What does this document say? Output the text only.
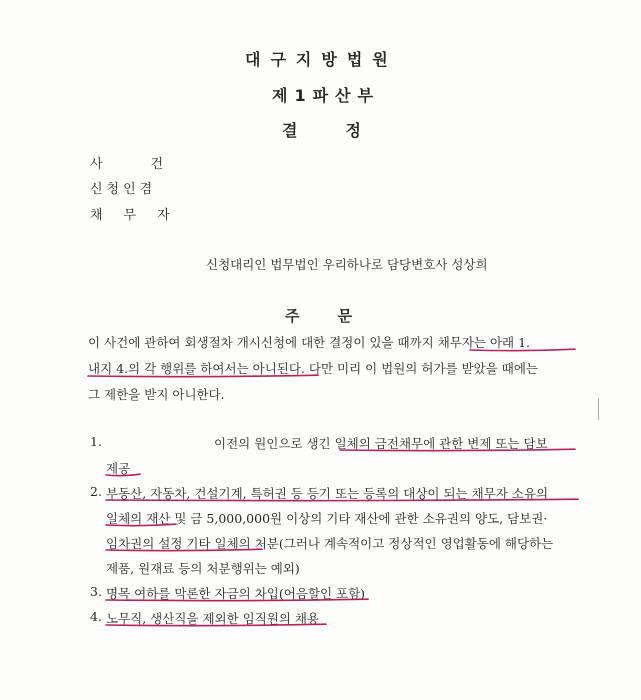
대구지방법원
제1파산부
결정
사건
신청인겸
채무자
신청대리인 법무법인 우리하나로 담당변호사 성상희
주문
이 사건에 관하여 회생절차 개시신청에 대한 결정이 있을 때까지 채무자는 아래 1.
내지 4.의 각 행위를 하여서는 아니된다. 다만 미리 이 법원의 허가를 받았을 때에는
그 제한을 받지 아니한다.
1.	이전의 원인으로 생긴 일체의 금전채무에 관한 변제 또는 담보
제공
2. 부동산, 자동차, 건설기계, 특허권 등 등기 또는 등록의 대상이 되는 채무자 소유의
일체의 재산 및 금 5,000,000원 이상의 기타 재산에 관한 소유권의 양도, 담보권·
임차권의 설정 기타 일체의 처분(그러나 계속적이고 정상적인 영업활동에 해당하는
제품, 원재료 등의 처분행위는 예외)
3. 명목 여하를 막론한 자금의 차입(어음할인 포함)
4. 노무직, 생산직을 제외한 임직원의 채용
